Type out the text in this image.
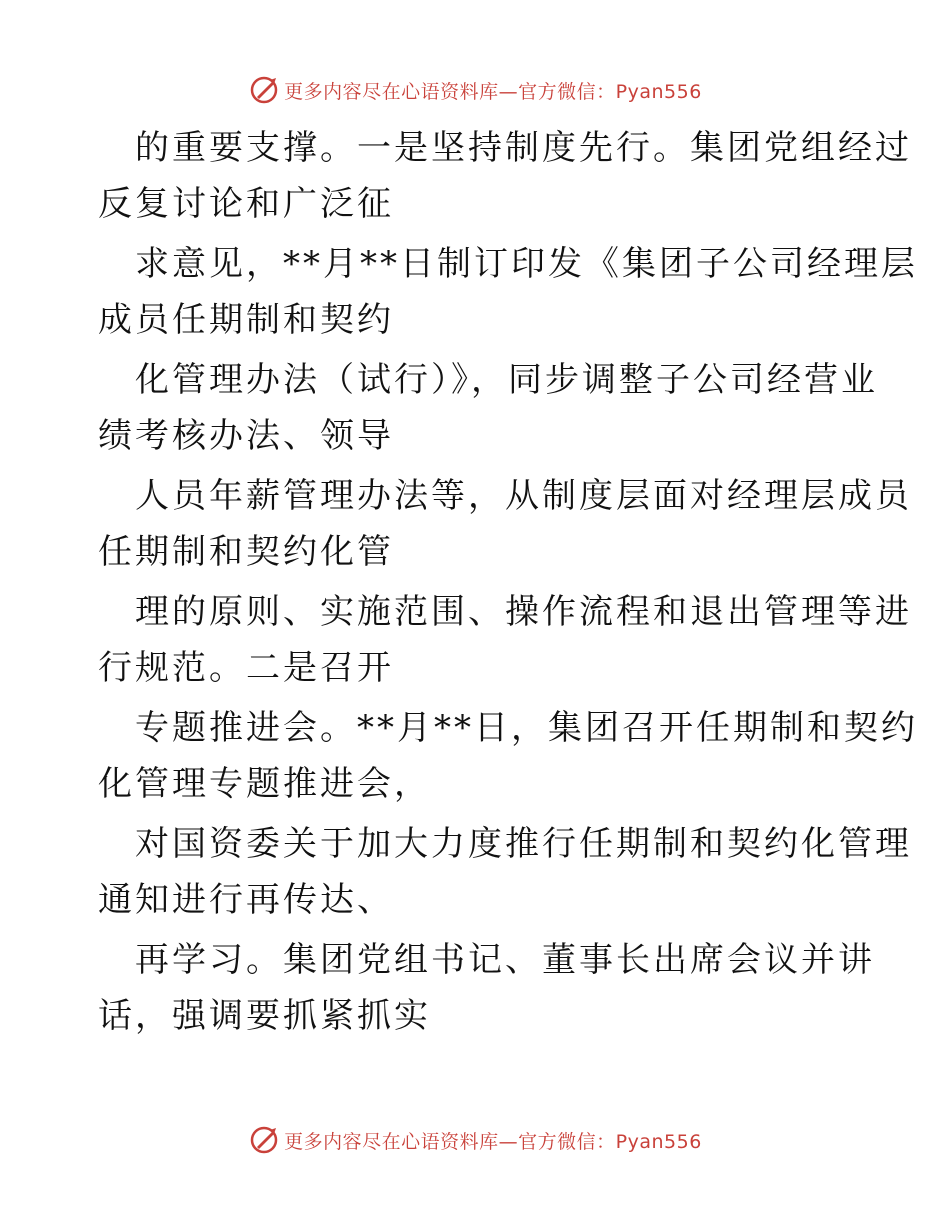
更多内容尽在心语资料库—官方微信：Pyan556
的重要支撑。一是坚持制度先行。集团党组经过
反复讨论和广泛征
求意见，**月**日制订印发《集团子公司经理层
成员任期制和契约
化管理办法（试行）》，同步调整子公司经营业
绩考核办法、领导
人员年薪管理办法等，从制度层面对经理层成员
任期制和契约化管
理的原则、实施范围、操作流程和退出管理等进
行规范。二是召开
专题推进会。**月**日，集团召开任期制和契约
化管理专题推进会，
对国资委关于加大力度推行任期制和契约化管理
通知进行再传达、
再学习。集团党组书记、董事长出席会议并讲
话，强调要抓紧抓实
更多内容尽在心语资料库—官方微信：Pyan556
